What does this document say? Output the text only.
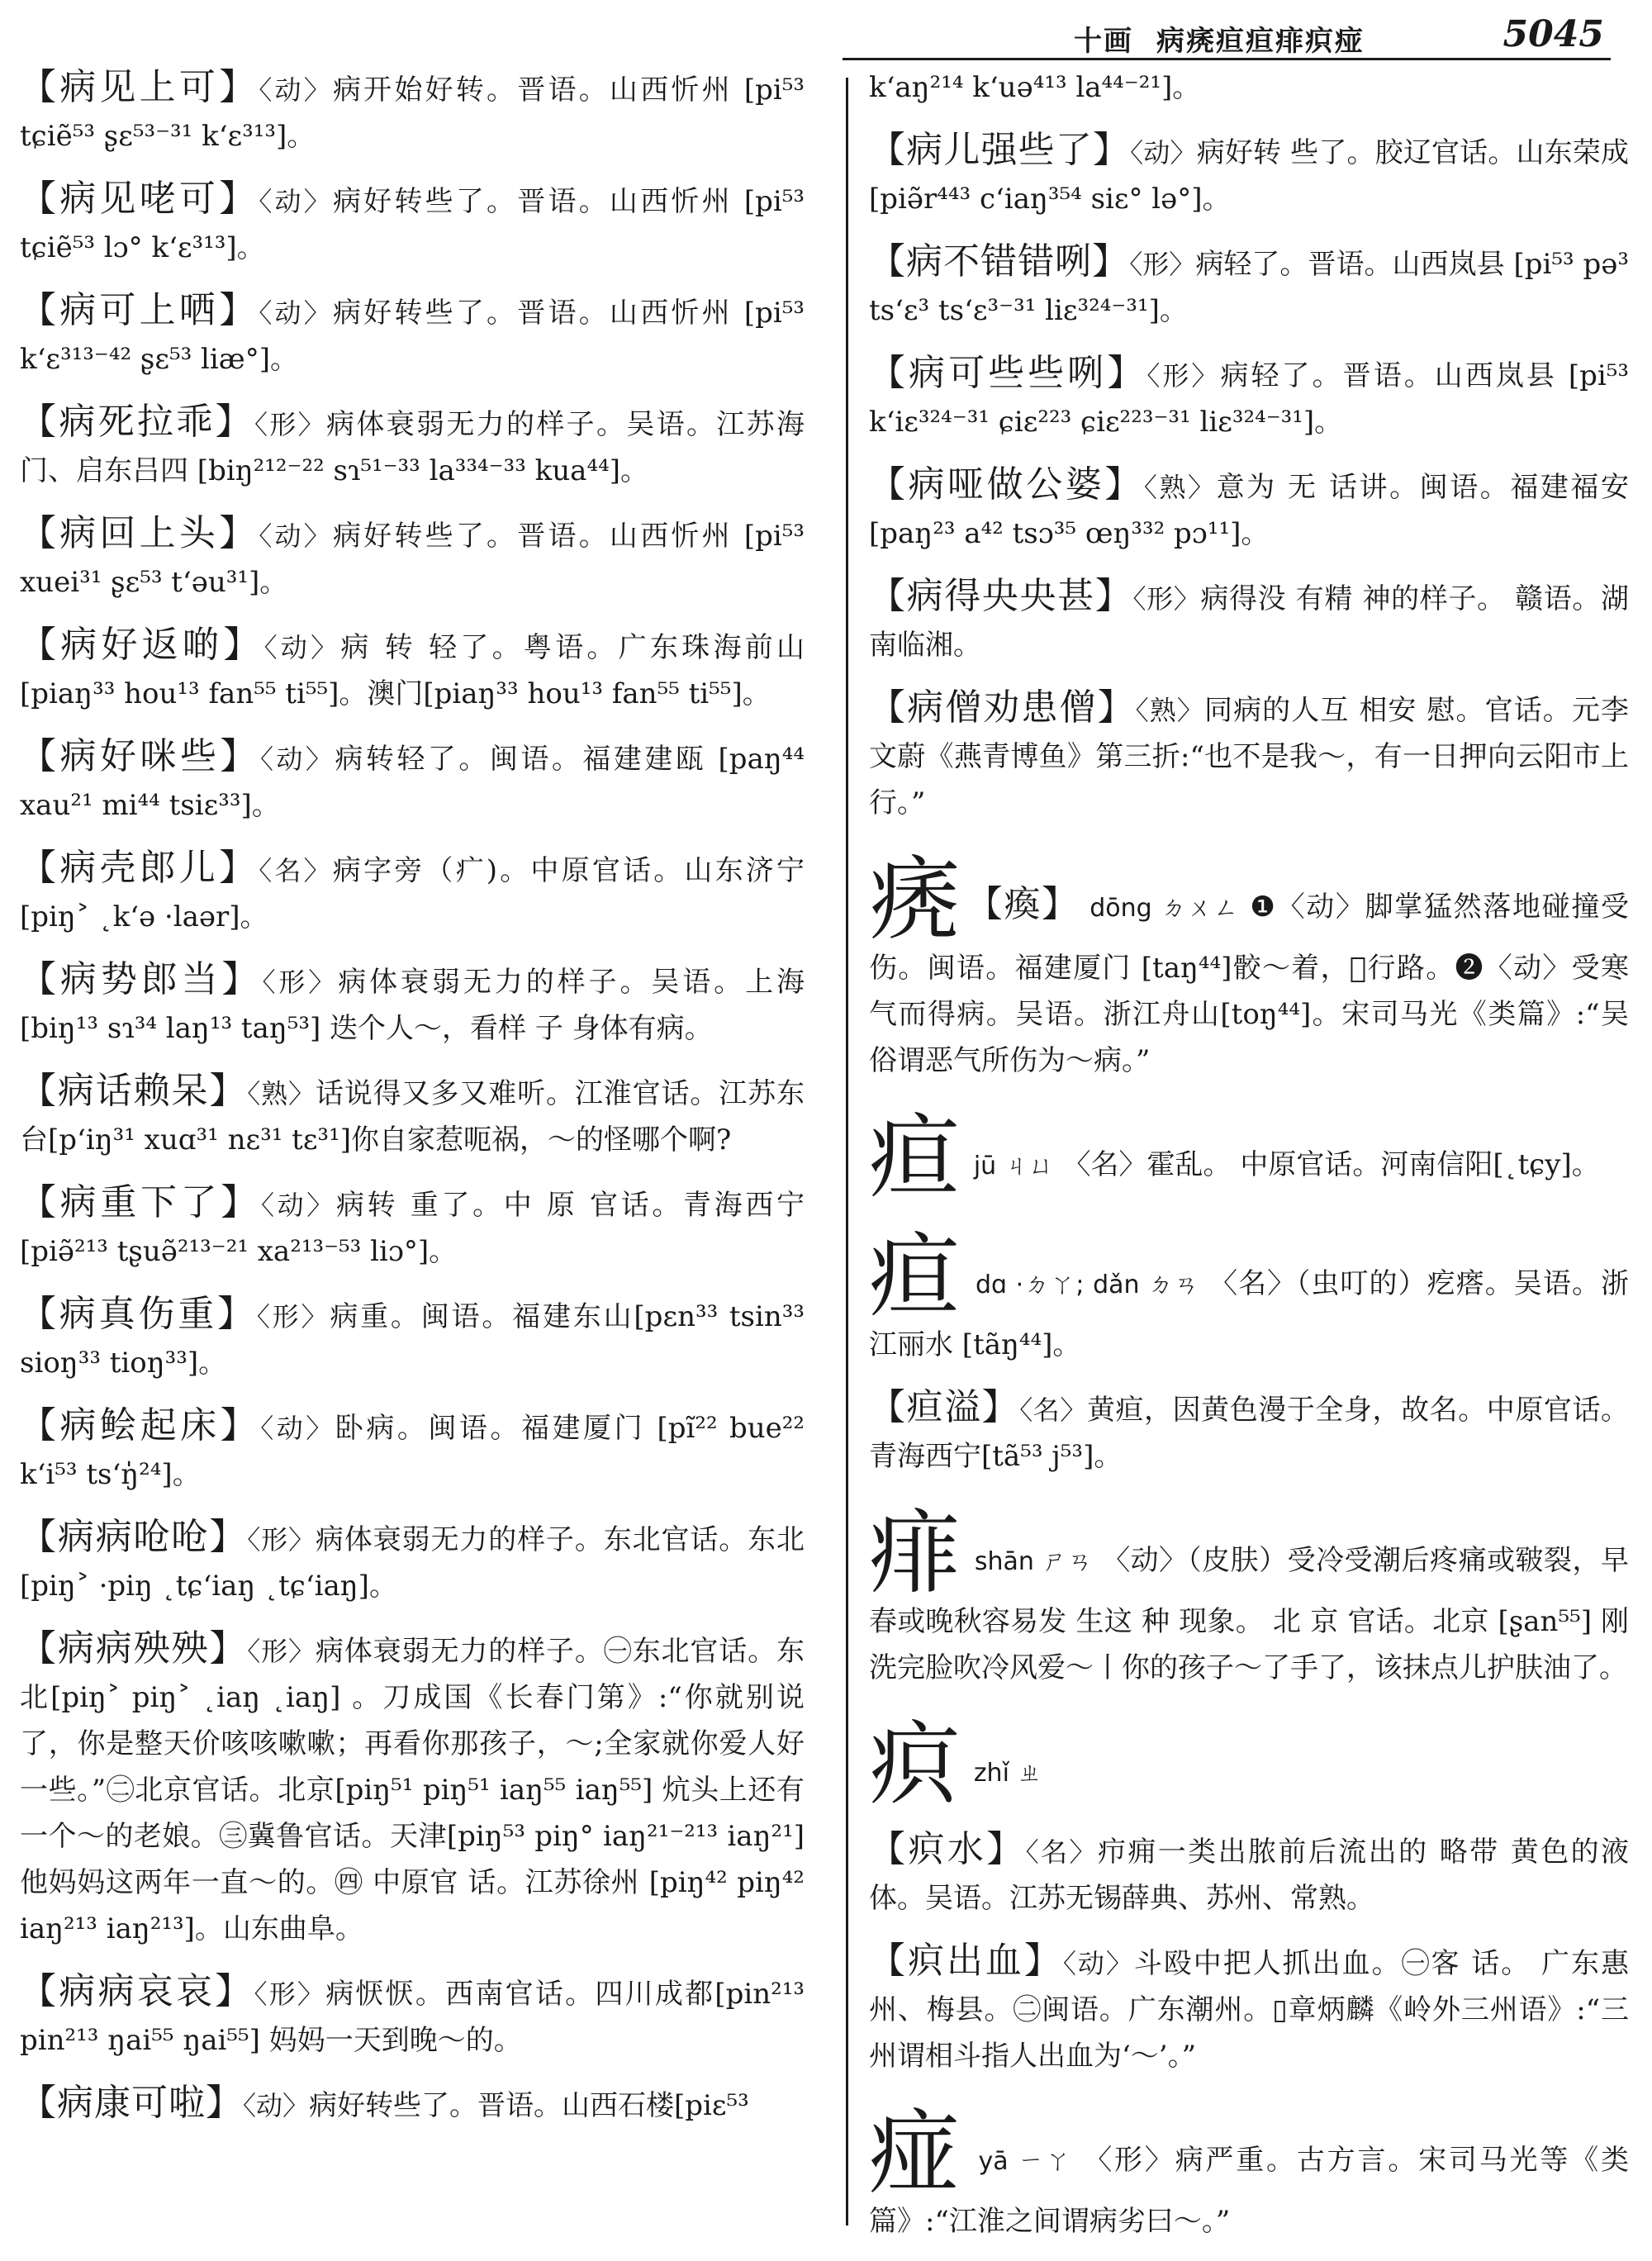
十画 病痜疸疸痱疻痖	5045

【病见上可】〈动〉病开始好转。晋语。山西忻州 [pi⁵³ tɕiẽ⁵³ ʂɛ⁵³⁻³¹ k‘ɛ³¹³]。

【病见咾可】〈动〉病好转些了。晋语。山西忻州 [pi⁵³ tɕiẽ⁵³ lɔ° k‘ɛ³¹³]。

【病可上哂】〈动〉病好转些了。晋语。山西忻州 [pi⁵³ k‘ɛ³¹³⁻⁴² ʂɛ⁵³ liæ°]。

【病死拉乖】〈形〉病体衰弱无力的样子。吴语。江苏海门、启东吕四 [biŋ²¹²⁻²² sɿ⁵¹⁻³³ la³³⁴⁻³³ kua⁴⁴]。

【病回上头】〈动〉病好转些了。晋语。山西忻州 [pi⁵³ xuei³¹ ʂɛ⁵³ t‘əu³¹]。

【病好返啲】〈动〉病 转 轻了。粤语。广东珠海前山 [piaŋ³³ hou¹³ fan⁵⁵ ti⁵⁵]。澳门[piaŋ³³ hou¹³ fan⁵⁵ ti⁵⁵]。

【病好咪些】〈动〉病转轻了。闽语。福建建瓯 [paŋ⁴⁴ xau²¹ mi⁴⁴ tsiɛ³³]。

【病壳郎儿】〈名〉病字旁（疒)。中原官话。山东济宁 [piŋ˃ ˛k‘ə ·laər]。

【病势郎当】〈形〉病体衰弱无力的样子。吴语。上海 [biŋ¹³ sɿ³⁴ laŋ¹³ taŋ⁵³] 迭个人～，看样 子 身体有病。

【病话赖呆】〈熟〉话说得又多又难听。江淮官话。江苏东台[p‘iŋ³¹ xuɑ³¹ nɛ³¹ tɛ³¹]你自家惹呃祸，～的怪哪个啊?

【病重下了】〈动〉病转 重了。中 原 官话。青海西宁 [piə̃²¹³ tʂuə̃²¹³⁻²¹ xa²¹³⁻⁵³ liɔ°]。

【病真伤重】〈形〉病重。闽语。福建东山[pɛn³³ tsin³³ sioŋ³³ tioŋ³³]。

【病鲙起床】〈动〉卧病。闽语。福建厦门 [pĩ²² bue²² k‘i⁵³ ts‘ŋ̍²⁴]。

【病病呛呛】〈形〉病体衰弱无力的样子。东北官话。东北[piŋ˃ ·piŋ ˛tɕ‘iaŋ ˛tɕ‘iaŋ]。

【病病殃殃】〈形〉病体衰弱无力的样子。㊀东北官话。东北[piŋ˃ piŋ˃ ˛iaŋ ˛iaŋ] 。刀成国《长春门第》:“你就别说了，你是整天价咳咳嗽嗽；再看你那孩子，～;全家就你爱人好一些。”㊁北京官话。北京[piŋ⁵¹ piŋ⁵¹ iaŋ⁵⁵ iaŋ⁵⁵] 炕头上还有一个～的老娘。㊂冀鲁官话。天津[piŋ⁵³ piŋ° iaŋ²¹⁻²¹³ iaŋ²¹] 他妈妈这两年一直～的。㊃ 中原官 话。江苏徐州 [piŋ⁴² piŋ⁴² iaŋ²¹³ iaŋ²¹³]。山东曲阜。

【病病哀哀】〈形〉病恹恹。西南官话。四川成都[pin²¹³ pin²¹³ ŋai⁵⁵ ŋai⁵⁵] 妈妈一天到晚～的。

【病康可啦】〈动〉病好转些了。晋语。山西石楼[piɛ⁵³

k‘aŋ²¹⁴ k‘uə⁴¹³ la⁴⁴⁻²¹]。

【病儿强些了】〈动〉病好转 些了。胶辽官话。山东荣成 [piə̃r⁴⁴³ c‘iaŋ³⁵⁴ siɛ° lə°]。

【病不错错咧】〈形〉病轻了。晋语。山西岚县 [pi⁵³ pə³ ts‘ɛ³ ts‘ɛ³⁻³¹ liɛ³²⁴⁻³¹]。

【病可些些咧】〈形〉病轻了。晋语。山西岚县 [pi⁵³ k‘iɛ³²⁴⁻³¹ ɕiɛ²²³ ɕiɛ²²³⁻³¹ liɛ³²⁴⁻³¹]。

【病哑做公婆】〈熟〉意为 无 话讲。闽语。福建福安 [paŋ²³ a⁴² tsɔ³⁵ œŋ³³² pɔ¹¹]。

【病得央央甚】〈形〉病得没 有精 神的样子。 赣语。湖南临湘。

【病僧劝患僧】〈熟〉同病的人互 相安 慰。官话。元李文蔚《燕青博鱼》第三折:“也不是我～，有一日押向云阳市上行。”

痜 【瘓】 dōng ㄉㄨㄥ ❶〈动〉脚掌猛然落地碰撞受伤。闽语。福建厦门 [taŋ⁴⁴]骹～着，𫣺行路。❷〈动〉受寒气而得病。吴语。浙江舟山[toŋ⁴⁴]。宋司马光《类篇》:“吴俗谓恶气所伤为～病。”

疸 jū ㄐㄩ 〈名〉霍乱。 中原官话。河南信阳[˛tɕy]。

疸 dɑ ·ㄉㄚ; dǎn ㄉㄢ 〈名〉（虫叮的）疙瘩。吴语。浙江丽水 [tãŋ⁴⁴]。

【疸溢】〈名〉黄疸，因黄色漫于全身，故名。中原官话。青海西宁[tã⁵³ j⁵³]。

痱 shān ㄕㄢ 〈动〉（皮肤）受冷受潮后疼痛或皲裂，早春或晚秋容易发 生这 种 现象。 北 京 官话。北京 [ʂan⁵⁵] 刚洗完脸吹冷风爱～丨你的孩子～了手了，该抹点儿护肤油了。

疻 zhǐ ㄓ

【疻水】〈名〉疖痈一类出脓前后流出的 略带 黄色的液体。吴语。江苏无锡薛典、苏州、常熟。

【疻出血】〈动〉斗殴中把人抓出血。㊀客 话。 广东惠州、梅县。㊁闽语。广东潮州。▯章炳麟《岭外三州语》:“三州谓相斗指人出血为‘～’。”

痖 yā ㄧㄚ 〈形〉病严重。古方言。宋司马光等《类篇》:“江淮之间谓病劣曰～。”
